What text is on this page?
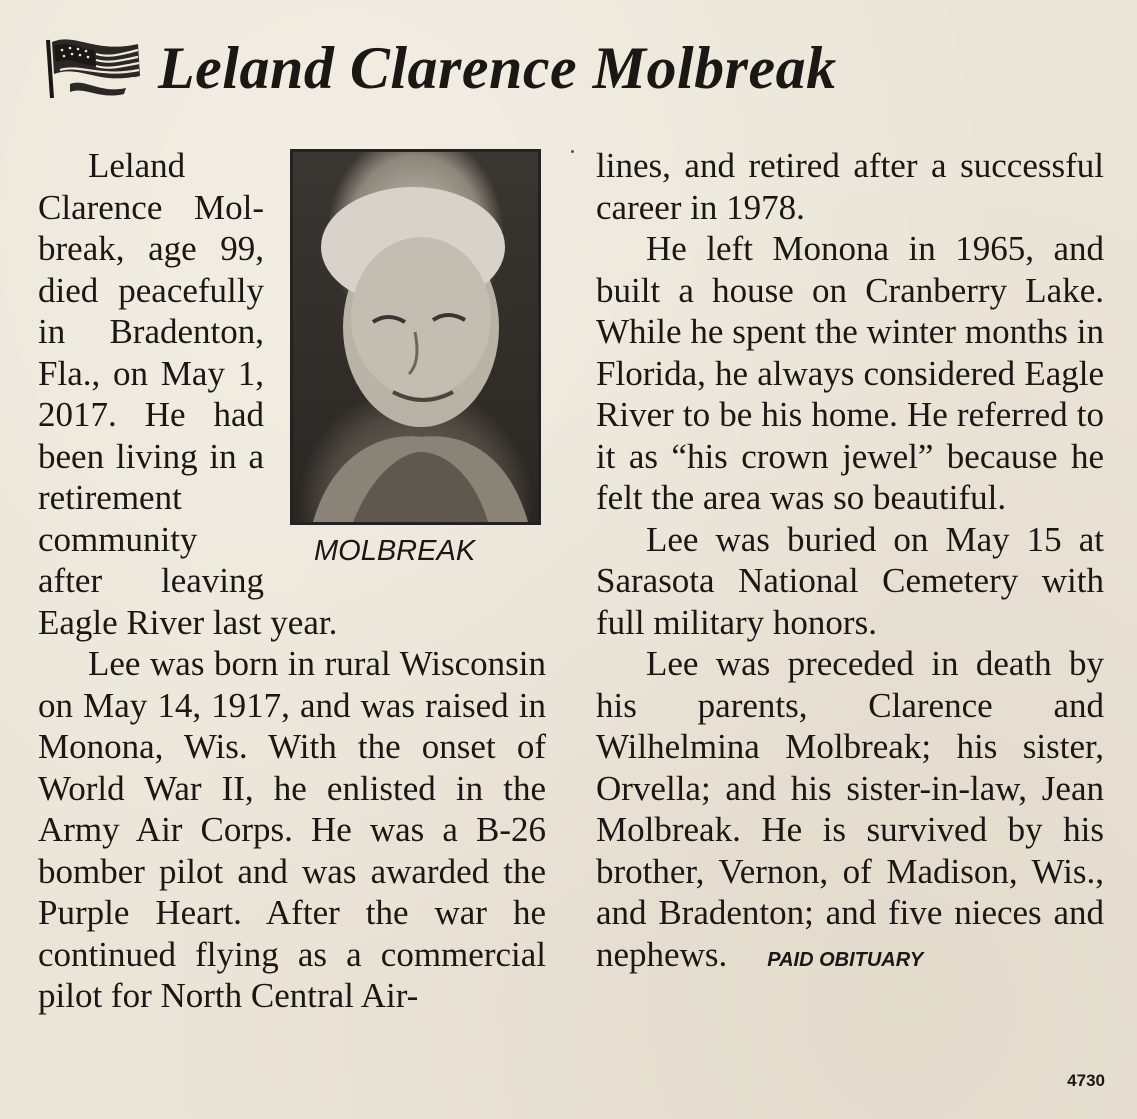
Leland Clarence Molbreak
MOLBREAK

Leland Clarence Molbreak, age 99, died peacefully in Bradenton, Fla., on May 1, 2017. He had been living in a retirement community after leaving Eagle River last year.

Lee was born in rural Wisconsin on May 14, 1917, and was raised in Monona, Wis. With the onset of World War II, he enlisted in the Army Air Corps. He was a B-26 bomber pilot and was awarded the Purple Heart. After the war he continued flying as a commercial pilot for North Central Air-

lines, and retired after a successful career in 1978.

He left Monona in 1965, and built a house on Cranberry Lake. While he spent the winter months in Florida, he always considered Eagle River to be his home. He referred to it as “his crown jewel” because he felt the area was so beautiful.

Lee was buried on May 15 at Sarasota National Cemetery with full military honors.

Lee was preceded in death by his parents, Clarence and Wilhelmina Molbreak; his sister, Orvella; and his sister-in-law, Jean Molbreak. He is survived by his brother, Vernon, of Madison, Wis., and Bradenton; and five nieces and nephews. PAID OBITUARY

4730
